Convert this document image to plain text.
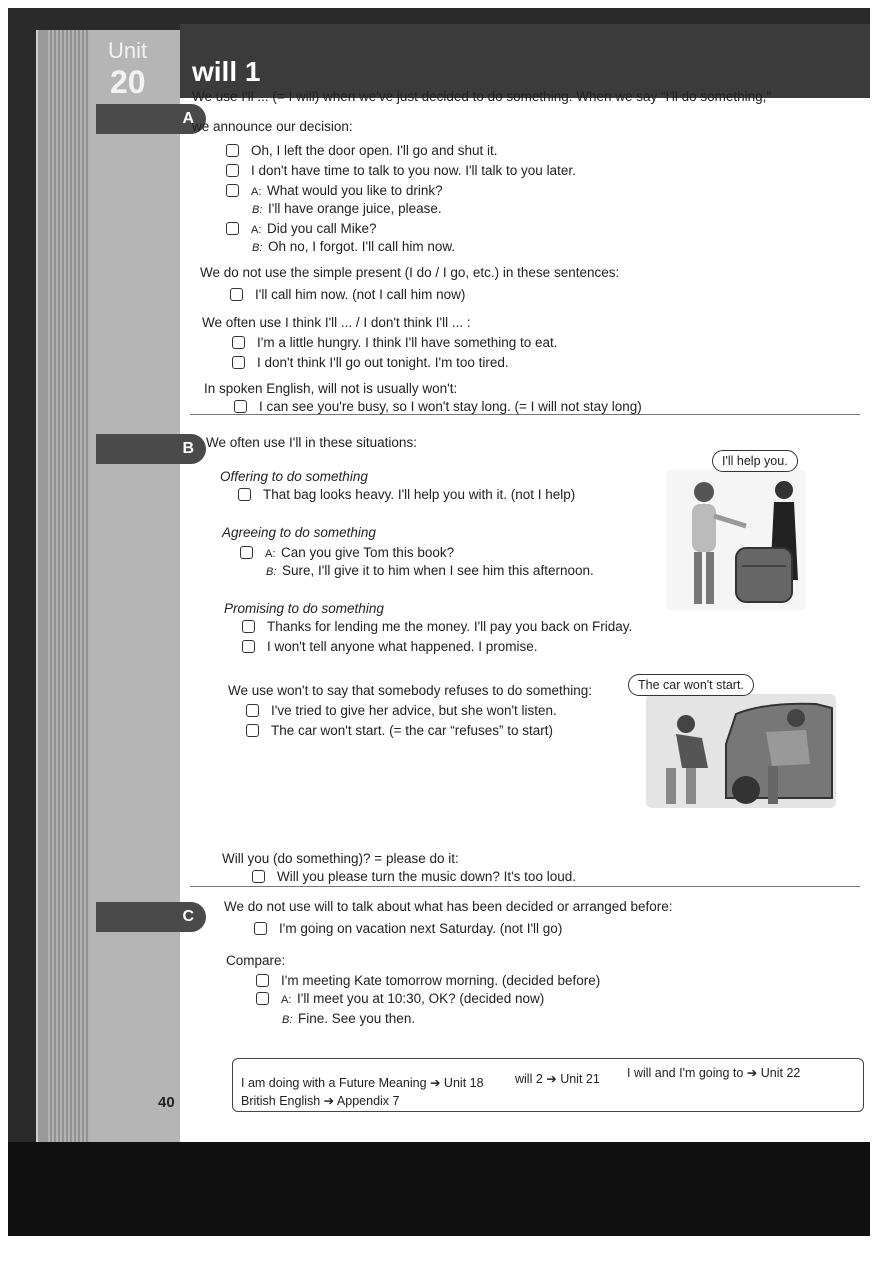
Unit
20 will 1
A
B
C
We use I'll ... (= I will) when we've just decided to do something. When we say “I'll do something,”
we announce our decision:
Oh, I left the door open. I'll go and shut it.
I don't have time to talk to you now. I'll talk to you later.
A: What would you like to drink?
B: I'll have orange juice, please.
A: Did you call Mike?
B: Oh no, I forgot. I'll call him now.
We do not use the simple present (I do / I go, etc.) in these sentences:
I'll call him now. (not I call him now)
We often use I think I'll ... / I don't think I'll ... :
I'm a little hungry. I think I'll have something to eat.
I don't think I'll go out tonight. I'm too tired.
In spoken English, will not is usually won't:
I can see you're busy, so I won't stay long. (= I will not stay long)
We often use I'll in these situations:
Offering to do something
That bag looks heavy. I'll help you with it. (not I help)
Agreeing to do something
A: Can you give Tom this book?
B: Sure, I'll give it to him when I see him this afternoon.
Promising to do something
Thanks for lending me the money. I'll pay you back on Friday.
I won't tell anyone what happened. I promise.
We use won't to say that somebody refuses to do something:
I've tried to give her advice, but she won't listen.
The car won't start. (= the car “refuses” to start)
Will you (do something)? = please do it:
Will you please turn the music down? It's too loud.
We do not use will to talk about what has been decided or arranged before:
I'm going on vacation next Saturday. (not I'll go)
Compare:
I'm meeting Kate tomorrow morning. (decided before)
A: I'll meet you at 10:30, OK? (decided now)
B: Fine. See you then.
I'll help you.
The car won't start.
I am doing with a Future Meaning ➔ Unit 18	will 2 ➔ Unit 21 I will and I'm going to ➔ Unit 22
British English ➔ Appendix 7
40
